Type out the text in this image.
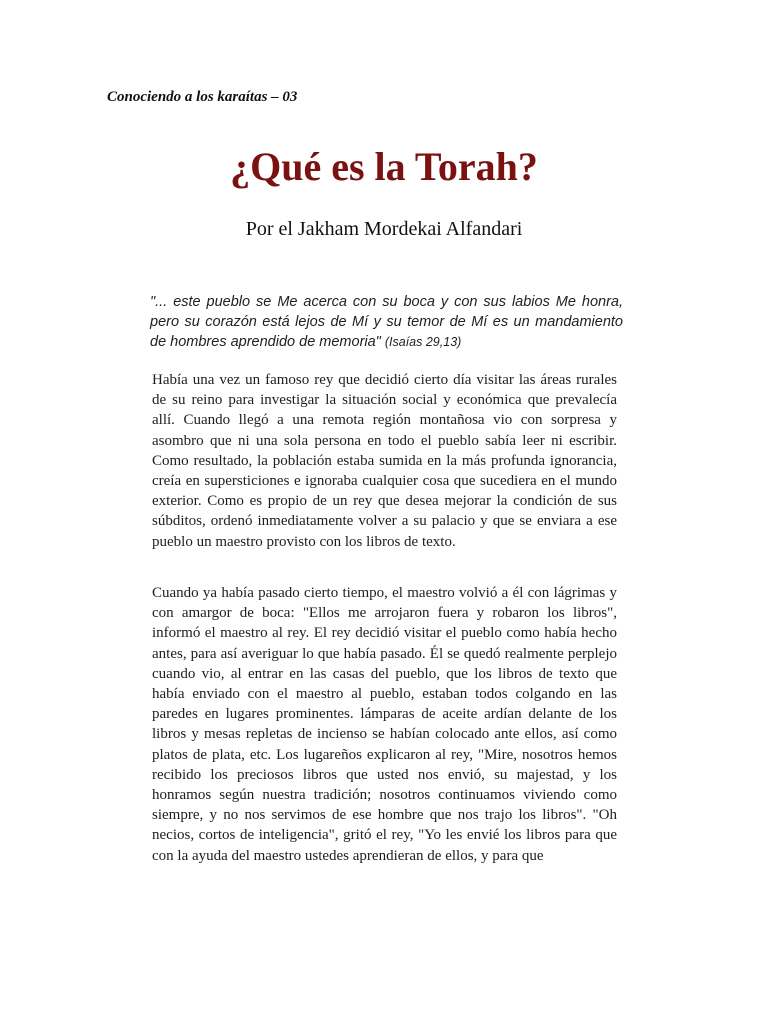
Conociendo a los karaítas – 03

¿Qué es la Torah?

Por el Jakham Mordekai Alfandari

"... este pueblo se Me acerca con su boca y con sus labios Me honra, pero su corazón está lejos de Mí y su temor de Mí es un mandamiento de hombres aprendido de memoria" (Isaías 29,13)

Había una vez un famoso rey que decidió cierto día visitar las áreas rurales de su reino para investigar la situación social y económica que prevalecía allí. Cuando llegó a una remota región montañosa vio con sorpresa y asombro que ni una sola persona en todo el pueblo sabía leer ni escribir. Como resultado, la población estaba sumida en la más profunda ignorancia, creía en supersticiones e ignoraba cualquier cosa que sucediera en el mundo exterior. Como es propio de un rey que desea mejorar la condición de sus súbditos, ordenó inmediatamente volver a su palacio y que se enviara a ese pueblo un maestro provisto con los libros de texto.

Cuando ya había pasado cierto tiempo, el maestro volvió a él con lágrimas y con amargor de boca: "Ellos me arrojaron fuera y robaron los libros", informó el maestro al rey. El rey decidió visitar el pueblo como había hecho antes, para así averiguar lo que había pasado. Él se quedó realmente perplejo cuando vio, al entrar en las casas del pueblo, que los libros de texto que había enviado con el maestro al pueblo, estaban todos colgando en las paredes en lugares prominentes. lámparas de aceite ardían delante de los libros y mesas repletas de incienso se habían colocado ante ellos, así como platos de plata, etc. Los lugareños explicaron al rey, "Mire, nosotros hemos recibido los preciosos libros que usted nos envió, su majestad, y los honramos según nuestra tradición; nosotros continuamos viviendo como siempre, y no nos servimos de ese hombre que nos trajo los libros". "Oh necios, cortos de inteligencia", gritó el rey, "Yo les envié los libros para que con la ayuda del maestro ustedes aprendieran de ellos, y para que
